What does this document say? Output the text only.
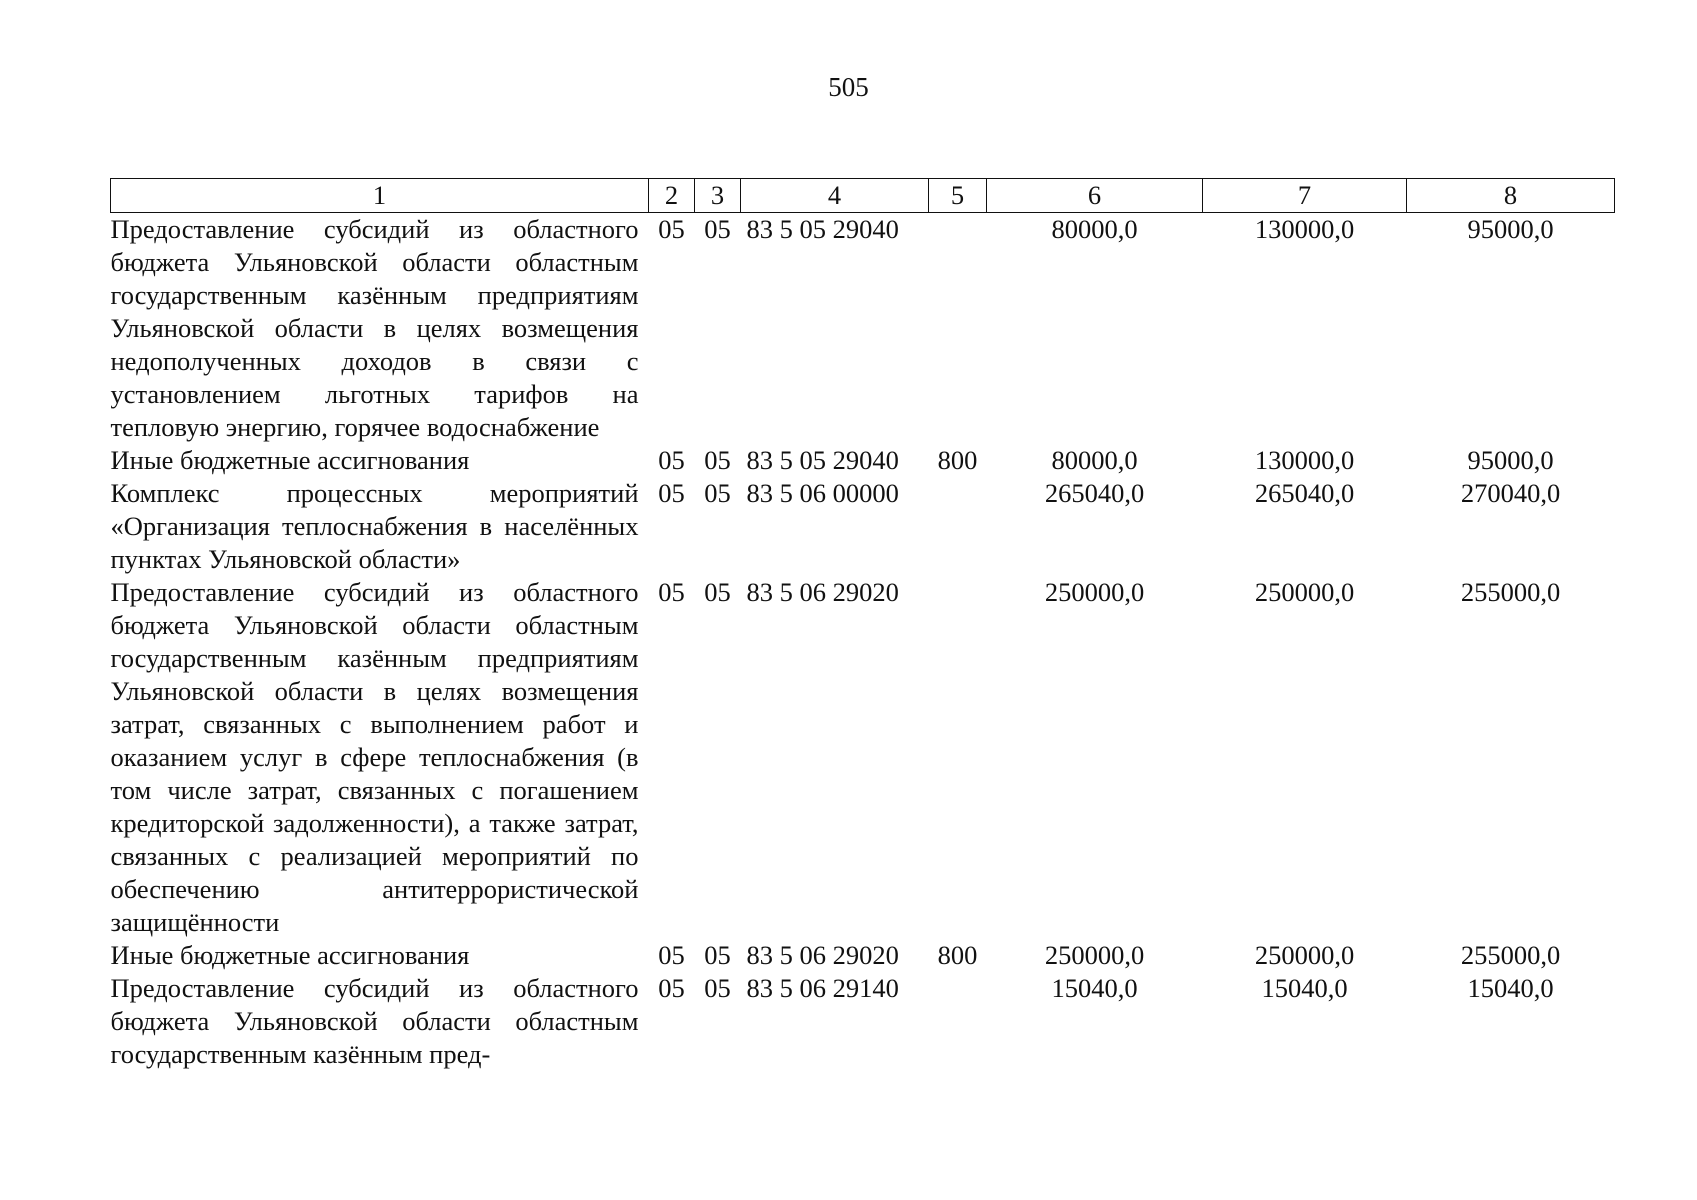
505
1	2	3	4	5	6	7	8
Предоставление субсидий из областного бюджета Ульяновской области областным государственным казённым предприятиям Ульяновской области в целях возмещения недополученных доходов в связи с установлением льготных тарифов на тепловую энергию, горячее водоснабжение	05	05	83 5 05 29040		80000,0	130000,0	95000,0
Иные бюджетные ассигнования	05	05	83 5 05 29040	800	80000,0	130000,0	95000,0
Комплекс процессных мероприятий «Организация теплоснабжения в населённых пунктах Ульяновской области»	05	05	83 5 06 00000		265040,0	265040,0	270040,0
Предоставление субсидий из областного бюджета Ульяновской области областным государственным казённым предприятиям Ульяновской области в целях возмещения затрат, связанных с выполнением работ и оказанием услуг в сфере теплоснабжения (в том числе затрат, связанных с погашением кредиторской задолженности), а также затрат, связанных с реализацией мероприятий по обеспечению антитеррористической защищённости	05	05	83 5 06 29020		250000,0	250000,0	255000,0
Иные бюджетные ассигнования	05	05	83 5 06 29020	800	250000,0	250000,0	255000,0
Предоставление субсидий из областного бюджета Ульяновской области областным государственным казённым пред-	05	05	83 5 06 29140		15040,0	15040,0	15040,0
